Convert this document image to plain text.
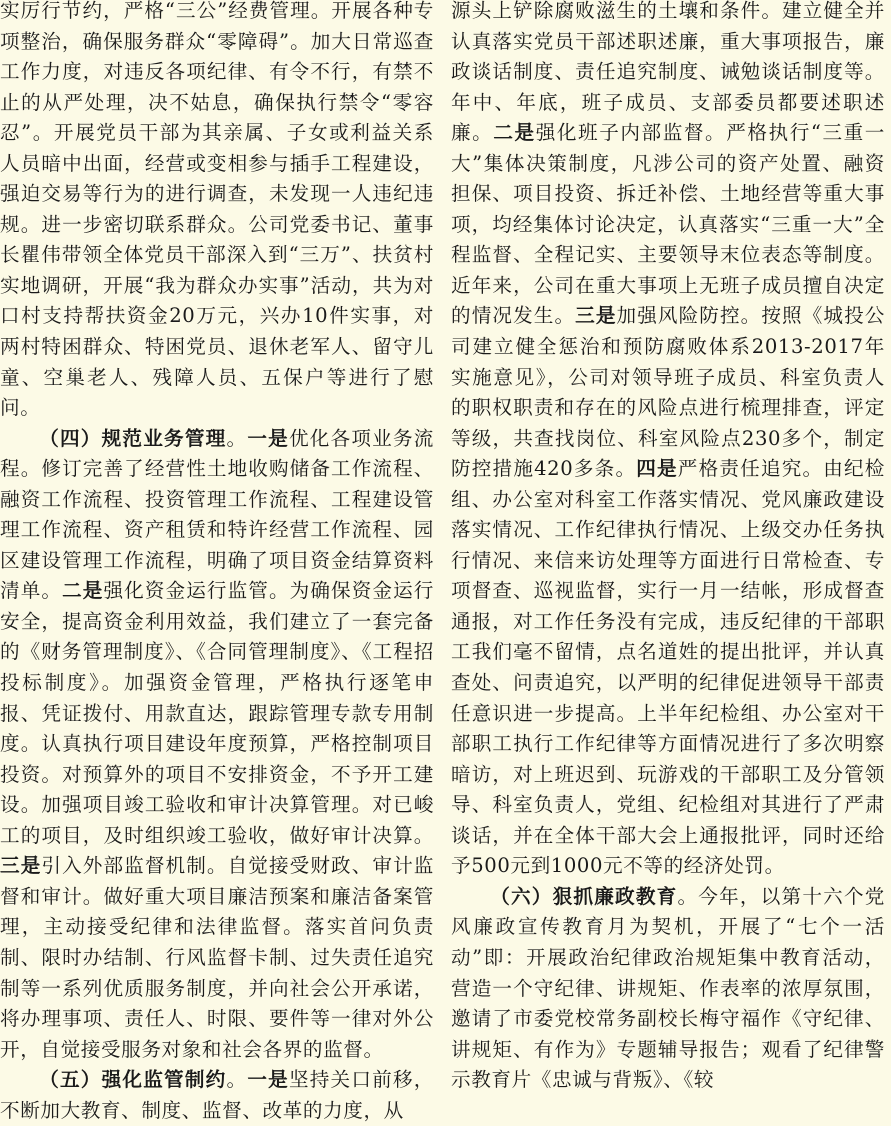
实厉行节约，严格“三公”经费管理。开展各种专项整治，确保服务群众“零障碍”。加大日常巡查工作力度，对违反各项纪律、有令不行，有禁不止的从严处理，决不姑息，确保执行禁令“零容忍”。开展党员干部为其亲属、子女或利益关系人员暗中出面，经营或变相参与插手工程建设，强迫交易等行为的进行调查，未发现一人违纪违规。进一步密切联系群众。公司党委书记、董事长瞿伟带领全体党员干部深入到“三万”、扶贫村实地调研，开展“我为群众办实事”活动，共为对口村支持帮扶资金20万元，兴办10件实事，对两村特困群众、特困党员、退休老军人、留守儿童、空巢老人、残障人员、五保户等进行了慰问。

（四）规范业务管理。一是优化各项业务流程。修订完善了经营性土地收购储备工作流程、融资工作流程、投资管理工作流程、工程建设管理工作流程、资产租赁和特许经营工作流程、园区建设管理工作流程，明确了项目资金结算资料清单。二是强化资金运行监管。为确保资金运行安全，提高资金利用效益，我们建立了一套完备的《财务管理制度》、《合同管理制度》、《工程招投标制度》。加强资金管理，严格执行逐笔申报、凭证拨付、用款直达，跟踪管理专款专用制度。认真执行项目建设年度预算，严格控制项目投资。对预算外的项目不安排资金，不予开工建设。加强项目竣工验收和审计决算管理。对已峻工的项目，及时组织竣工验收，做好审计决算。三是引入外部监督机制。自觉接受财政、审计监督和审计。做好重大项目廉洁预案和廉洁备案管理，主动接受纪律和法律监督。落实首问负责制、限时办结制、行风监督卡制、过失责任追究制等一系列优质服务制度，并向社会公开承诺，将办理事项、责任人、时限、要件等一律对外公开，自觉接受服务对象和社会各界的监督。

（五）强化监管制约。一是坚持关口前移，不断加大教育、制度、监督、改革的力度，从

源头上铲除腐败滋生的土壤和条件。建立健全并认真落实党员干部述职述廉，重大事项报告，廉政谈话制度、责任追究制度、诫勉谈话制度等。年中、年底，班子成员、支部委员都要述职述廉。二是强化班子内部监督。严格执行“三重一大”集体决策制度，凡涉公司的资产处置、融资担保、项目投资、拆迁补偿、土地经营等重大事项，均经集体讨论决定，认真落实“三重一大”全程监督、全程记实、主要领导末位表态等制度。近年来，公司在重大事项上无班子成员擅自决定的情况发生。三是加强风险防控。按照《城投公司建立健全惩治和预防腐败体系2013-2017年实施意见》，公司对领导班子成员、科室负责人的职权职责和存在的风险点进行梳理排查，评定等级，共查找岗位、科室风险点230多个，制定防控措施420多条。四是严格责任追究。由纪检组、办公室对科室工作落实情况、党风廉政建设落实情况、工作纪律执行情况、上级交办任务执行情况、来信来访处理等方面进行日常检查、专项督查、巡视监督，实行一月一结帐，形成督查通报，对工作任务没有完成，违反纪律的干部职工我们毫不留情，点名道姓的提出批评，并认真查处、问责追究，以严明的纪律促进领导干部责任意识进一步提高。上半年纪检组、办公室对干部职工执行工作纪律等方面情况进行了多次明察暗访，对上班迟到、玩游戏的干部职工及分管领导、科室负责人，党组、纪检组对其进行了严肃谈话，并在全体干部大会上通报批评，同时还给予500元到1000元不等的经济处罚。

（六）狠抓廉政教育。今年，以第十六个党风廉政宣传教育月为契机，开展了“七个一活动”即：开展政治纪律政治规矩集中教育活动，营造一个守纪律、讲规矩、作表率的浓厚氛围，邀请了市委党校常务副校长梅守福作《守纪律、讲规矩、有作为》专题辅导报告；观看了纪律警示教育片《忠诚与背叛》、《较
